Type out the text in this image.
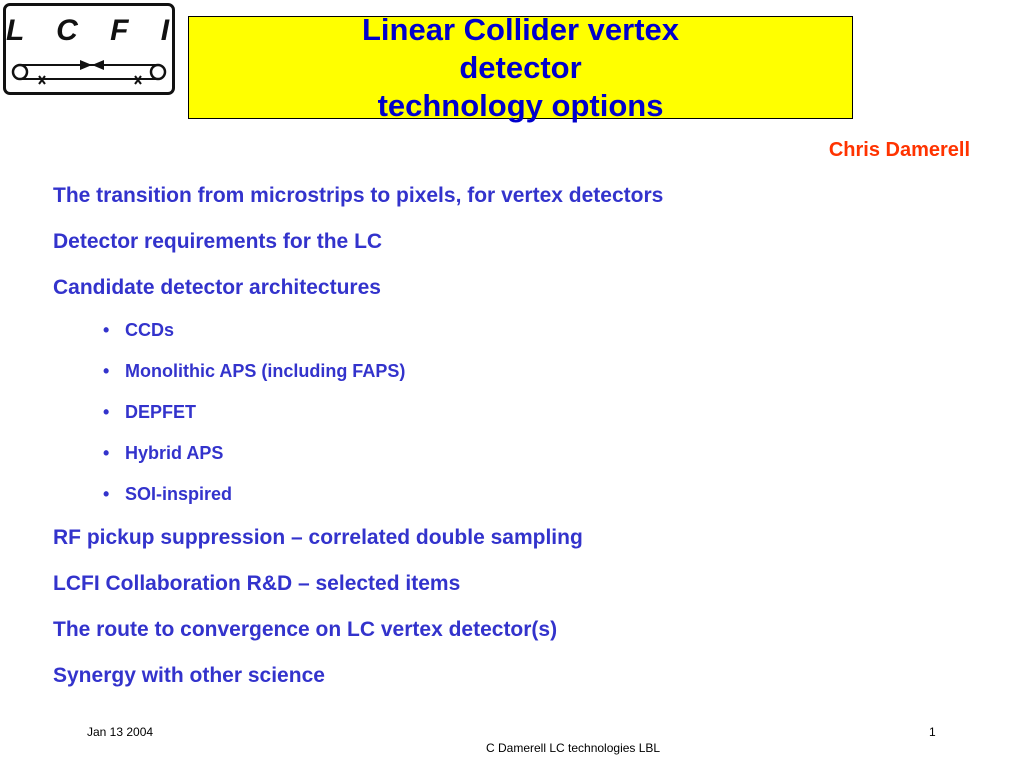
L C F I	Linear Collider vertex detector
technology options
Chris Damerell
The transition from microstrips to pixels, for vertex detectors
Detector requirements for the LC
Candidate detector architectures
• CCDs
• Monolithic APS (including FAPS)
• DEPFET
• Hybrid APS
• SOI-inspired
RF pickup suppression – correlated double sampling
LCFI Collaboration R&D – selected items
The route to convergence on LC vertex detector(s)
Synergy with other science
Jan 13 2004	1
C Damerell LC technologies LBL
